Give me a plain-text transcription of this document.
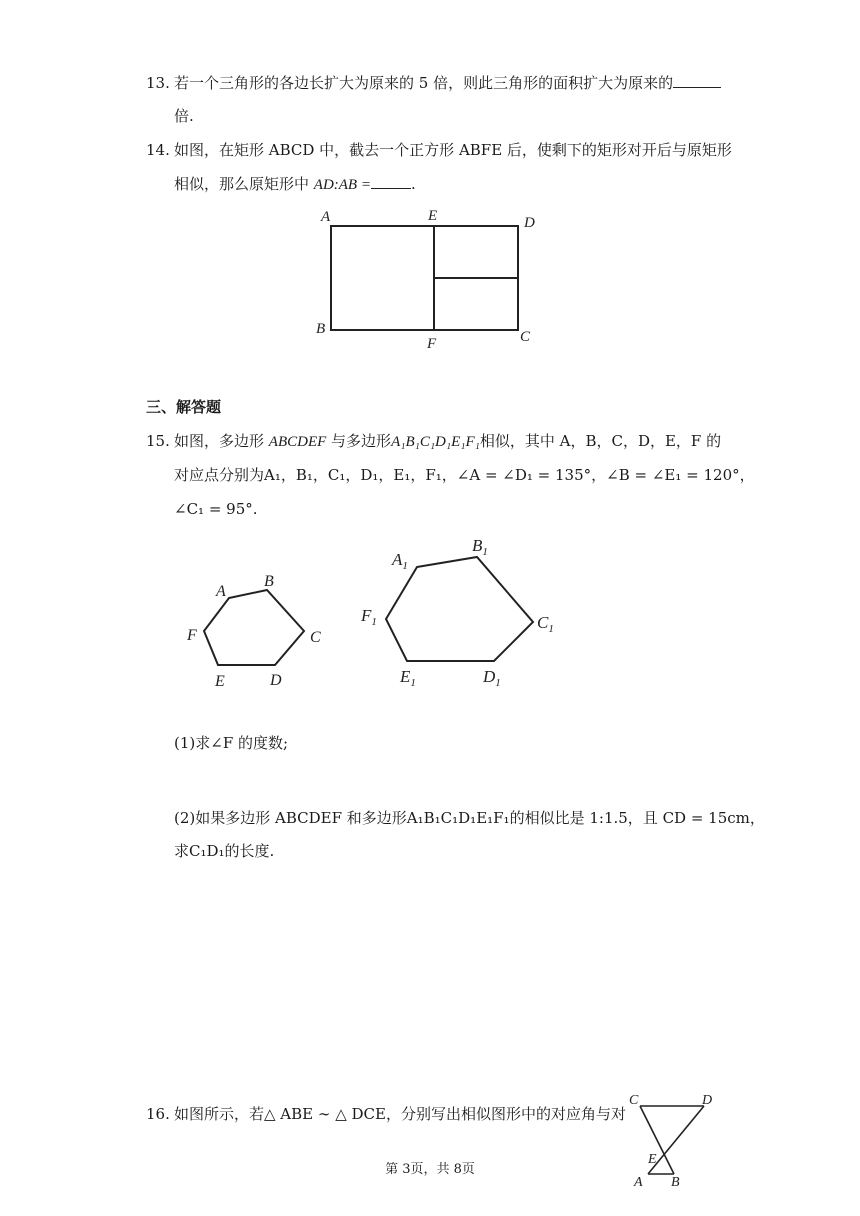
13. 若一个三角形的各边长扩大为原来的 5 倍，则此三角形的面积扩大为原来的
倍.
14. 如图，在矩形 ABCD 中，截去一个正方形 ABFE 后，使剩下的矩形对开后与原矩形
相似，那么原矩形中 AD:AB =	.
A	E	D
B
F	C
三、解答题
15. 如图，多边形 ABCDEF 与多边形A₁B₁C₁D₁E₁F₁相似，其中 A，B，C，D，E，F 的
对应点分别为A₁，B₁，C₁，D₁，E₁，F₁，∠A = ∠D₁ = 135°，∠B = ∠E₁ = 120°，
∠C₁ = 95°.
A
B
C
D
E
F
$A_1$
$B_1$
$C_1$
$D_1$
$E_1$
$F_1$
(1)求∠F 的度数;
(2)如果多边形 ABCDEF 和多边形A₁B₁C₁D₁E₁F₁的相似比是 1:1.5，且 CD = 15cm，
求C₁D₁的长度.
16. 如图所示，若△ ABE ∼ △ DCE，分别写出相似图形中的对应角与对
C	D
E
A B
第 3页，共 8页
